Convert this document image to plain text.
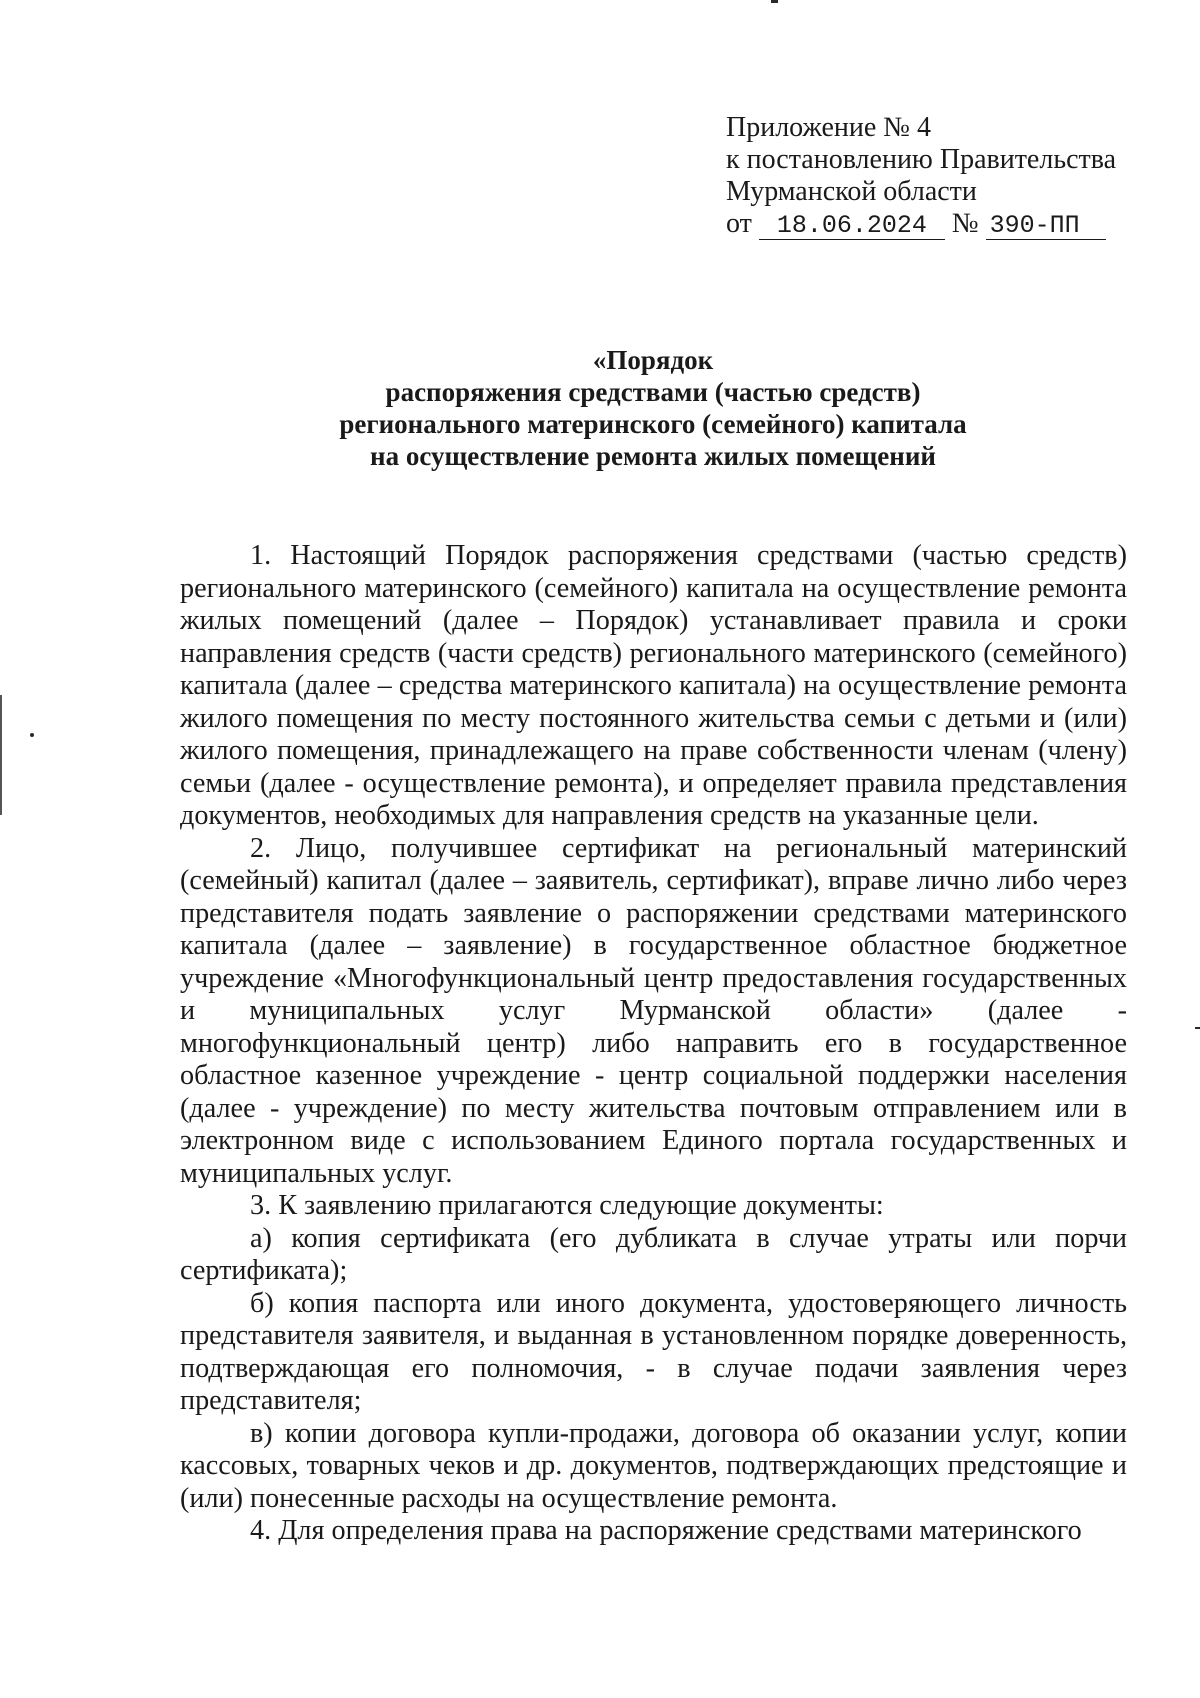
Приложение № 4
к постановлению Правительства
Мурманской области
от 18.06.2024 № 390-ПП
«Порядок
распоряжения средствами (частью средств)
регионального материнского (семейного) капитала
на осуществление ремонта жилых помещений

1. Настоящий Порядок распоряжения средствами (частью средств) регионального материнского (семейного) капитала на осуществление ремонта жилых помещений (далее – Порядок) устанавливает правила и сроки направления средств (части средств) регионального материнского (семейного) капитала (далее – средства материнского капитала) на осуществление ремонта жилого помещения по месту постоянного жительства семьи с детьми и (или) жилого помещения, принадлежащего на праве собственности членам (члену) семьи (далее - осуществление ремонта), и определяет правила представления документов, необходимых для направления средств на указанные цели.

2. Лицо, получившее сертификат на региональный материнский (семейный) капитал (далее – заявитель, сертификат), вправе лично либо через представителя подать заявление о распоряжении средствами материнского капитала (далее – заявление) в государственное областное бюджетное учреждение «Многофункциональный центр предоставления государственных и муниципальных услуг Мурманской области» (далее - многофункциональный центр) либо направить его в государственное областное казенное учреждение - центр социальной поддержки населения (далее - учреждение) по месту жительства почтовым отправлением или в электронном виде с использованием Единого портала государственных и муниципальных услуг.

3. К заявлению прилагаются следующие документы:

а) копия сертификата (его дубликата в случае утраты или порчи сертификата);

б) копия паспорта или иного документа, удостоверяющего личность представителя заявителя, и выданная в установленном порядке доверенность, подтверждающая его полномочия, - в случае подачи заявления через представителя;

в) копии договора купли-продажи, договора об оказании услуг, копии кассовых, товарных чеков и др. документов, подтверждающих предстоящие и (или) понесенные расходы на осуществление ремонта.

4. Для определения права на распоряжение средствами материнского
